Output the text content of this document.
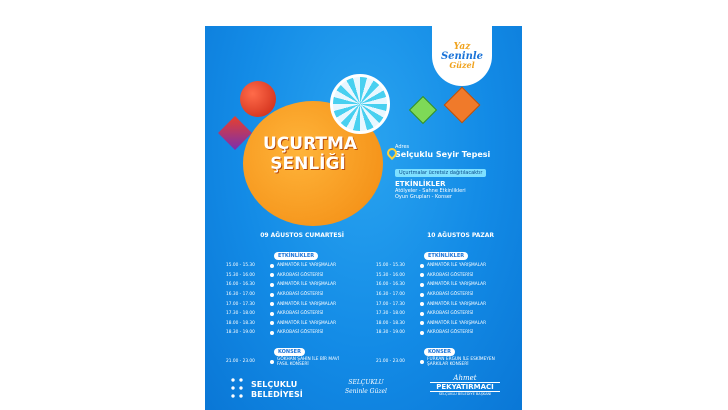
Yaz
Seninle
Güzel
UÇURTMA
ŞENLİĞİ
Adres
Selçuklu Seyir Tepesi
Uçurtmalar ücretsiz dağıtılacaktır
ETKİNLİKLER
Atölyeler - Sahne Etkinlikleri
Oyun Grupları - Konser
09 AĞUSTOS CUMARTESİ
ETKİNLİKLER
15.00 - 15.30	ANİMATÖR İLE YARIŞMALAR
15.30 - 16.00	AKROBASİ GÖSTERİSİ
16.00 - 16.30	ANİMATÖR İLE YARIŞMALAR
16.30 - 17.00	AKROBASİ GÖSTERİSİ
17.00 - 17.30	ANİMATÖR İLE YARIŞMALAR
17.30 - 18.00	AKROBASİ GÖSTERİSİ
18.00 - 18.30	ANİMATÖR İLE YARIŞMALAR
18.30 - 19.00	AKROBASİ GÖSTERİSİ
KONSER
21.00 - 23.00	GÖKHAN ŞAHİN İLE BİR MAVİ FASIL KONSERİ
10 AĞUSTOS PAZAR
ETKİNLİKLER
15.00 - 15.30	ANİMATÖR İLE YARIŞMALAR
15.30 - 16.00	AKROBASİ GÖSTERİSİ
16.00 - 16.30	ANİMATÖR İLE YARIŞMALAR
16.30 - 17.00	AKROBASİ GÖSTERİSİ
17.00 - 17.30	ANİMATÖR İLE YARIŞMALAR
17.30 - 18.00	AKROBASİ GÖSTERİSİ
18.00 - 18.30	ANİMATÖR İLE YARIŞMALAR
18.30 - 19.00	AKROBASİ GÖSTERİSİ
KONSER
21.00 - 23.00	FURKAN ERGUN İLE ESKİMEYEN ŞARKILAR KONSERİ
SELÇUKLU
BELEDİYESİ
SELÇUKLU
Seninle Güzel
Ahmet
PEKYATIRMACI
SELÇUKLU BELEDİYE BAŞKANI
